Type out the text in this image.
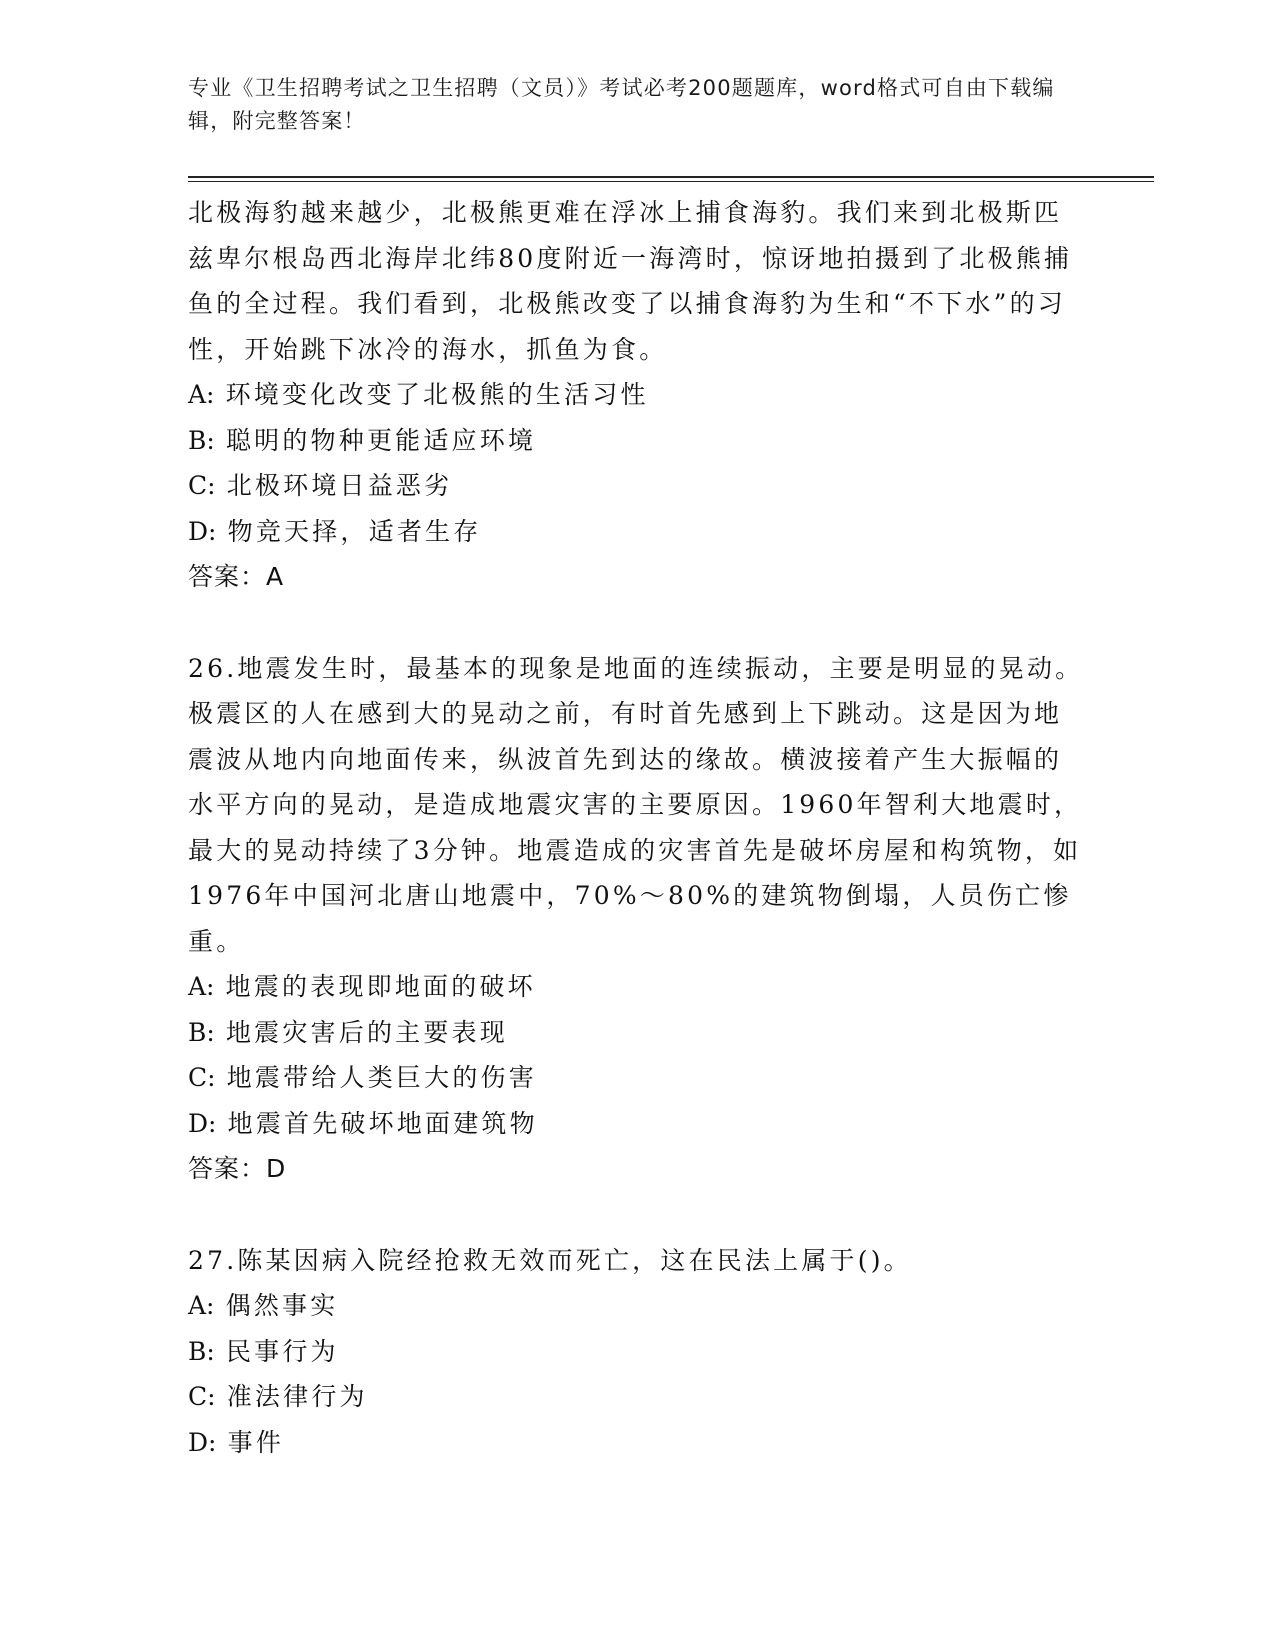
专业《卫生招聘考试之卫生招聘（文员）》考试必考200题题库，word格式可自由下载编辑，附完整答案！

北极海豹越来越少，北极熊更难在浮冰上捕食海豹。我们来到北极斯匹兹卑尔根岛西北海岸北纬80度附近一海湾时，惊讶地拍摄到了北极熊捕鱼的全过程。我们看到，北极熊改变了以捕食海豹为生和“不下水”的习性，开始跳下冰冷的海水，抓鱼为食。

A: 环境变化改变了北极熊的生活习性

B: 聪明的物种更能适应环境

C: 北极环境日益恶劣

D: 物竞天择，适者生存

答案：A

26.地震发生时，最基本的现象是地面的连续振动，主要是明显的晃动。极震区的人在感到大的晃动之前，有时首先感到上下跳动。这是因为地震波从地内向地面传来，纵波首先到达的缘故。横波接着产生大振幅的水平方向的晃动，是造成地震灾害的主要原因。1960年智利大地震时，最大的晃动持续了3分钟。地震造成的灾害首先是破坏房屋和构筑物，如1976年中国河北唐山地震中，70%～80%的建筑物倒塌，人员伤亡惨重。

A: 地震的表现即地面的破坏

B: 地震灾害后的主要表现

C: 地震带给人类巨大的伤害

D: 地震首先破坏地面建筑物

答案：D

27.陈某因病入院经抢救无效而死亡，这在民法上属于()。

A: 偶然事实

B: 民事行为

C: 准法律行为

D: 事件
